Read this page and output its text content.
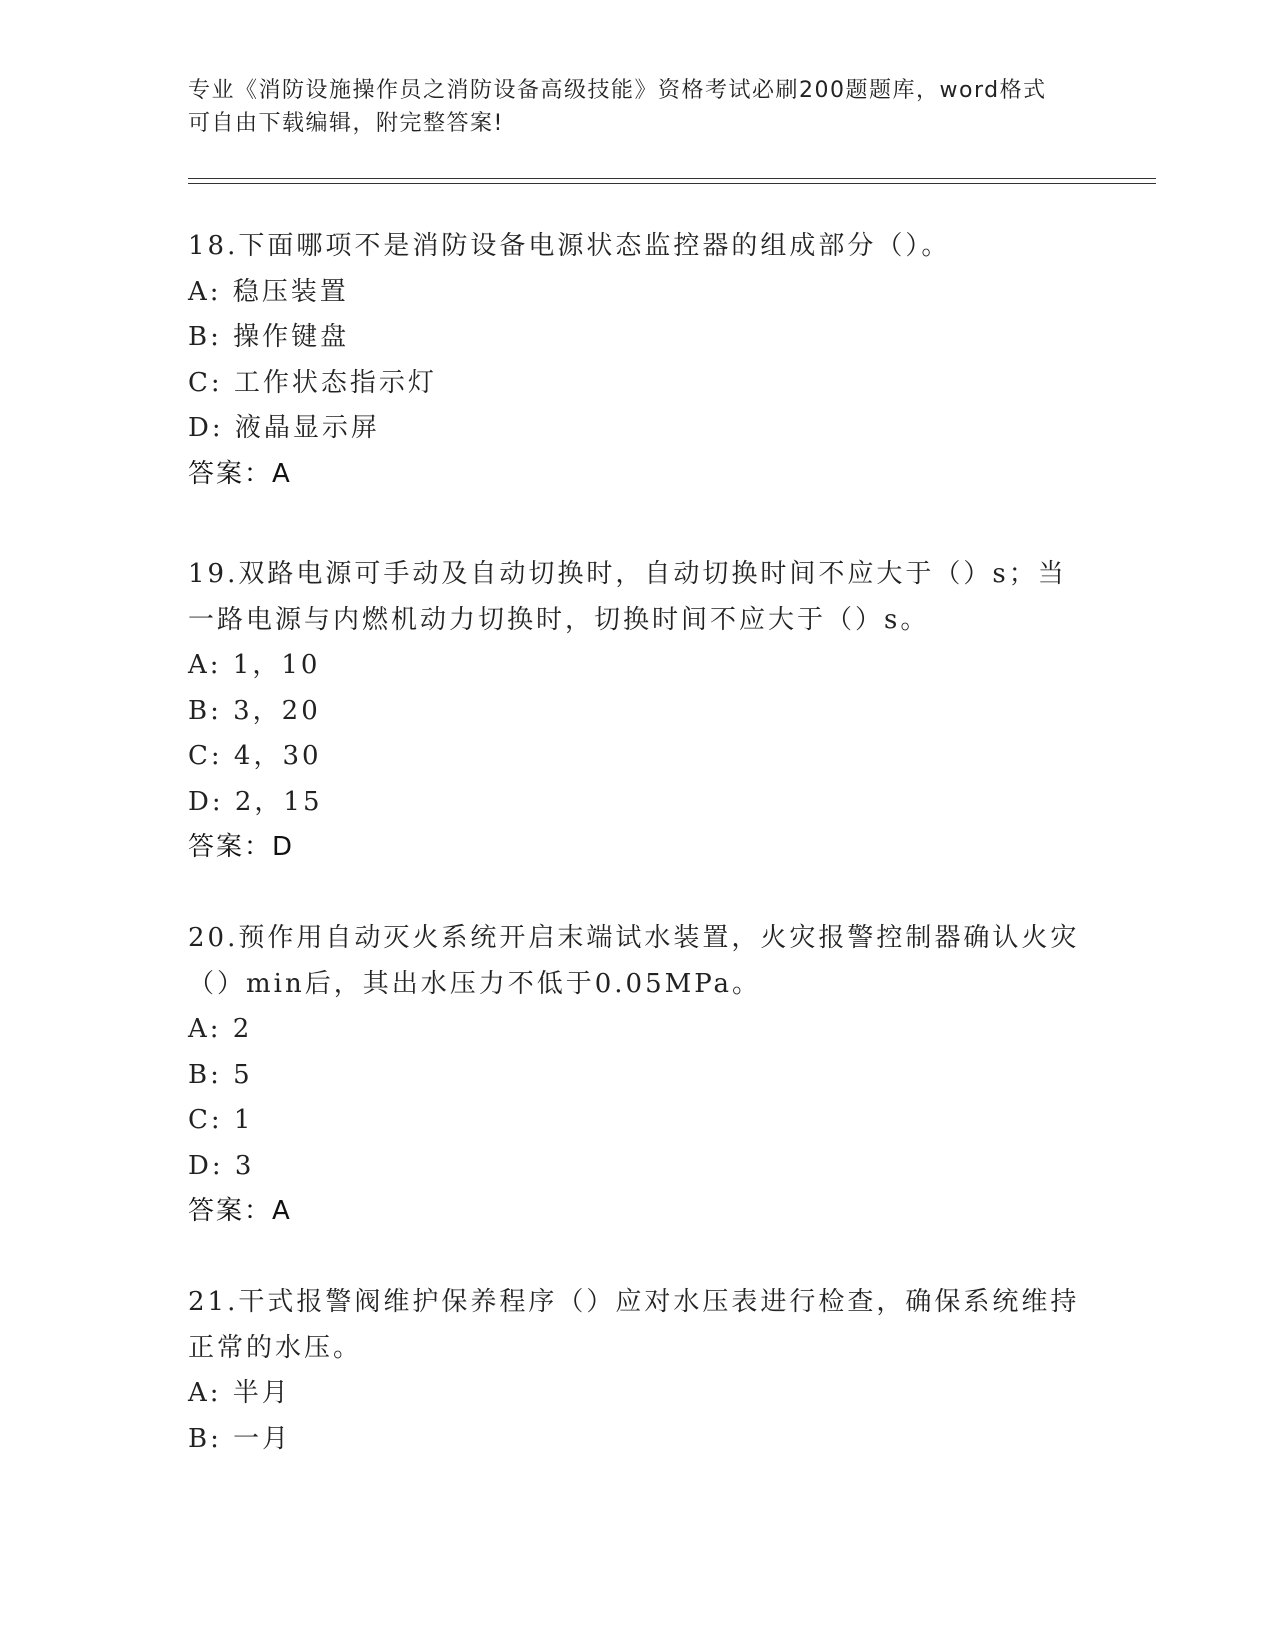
专业《消防设施操作员之消防设备高级技能》资格考试必刷200题题库，word格式可自由下载编辑，附完整答案!
18.下面哪项不是消防设备电源状态监控器的组成部分（）。
A: 稳压装置
B: 操作键盘
C: 工作状态指示灯
D: 液晶显示屏
答案：A
19.双路电源可手动及自动切换时，自动切换时间不应大于（）s；当一路电源与内燃机动力切换时，切换时间不应大于（）s。
A: 1，10
B: 3，20
C: 4，30
D: 2，15
答案：D
20.预作用自动灭火系统开启末端试水装置，火灾报警控制器确认火灾（）min后，其出水压力不低于0.05MPa。
A: 2
B: 5
C: 1
D: 3
答案：A
21.干式报警阀维护保养程序（）应对水压表进行检查，确保系统维持正常的水压。
A: 半月
B: 一月
